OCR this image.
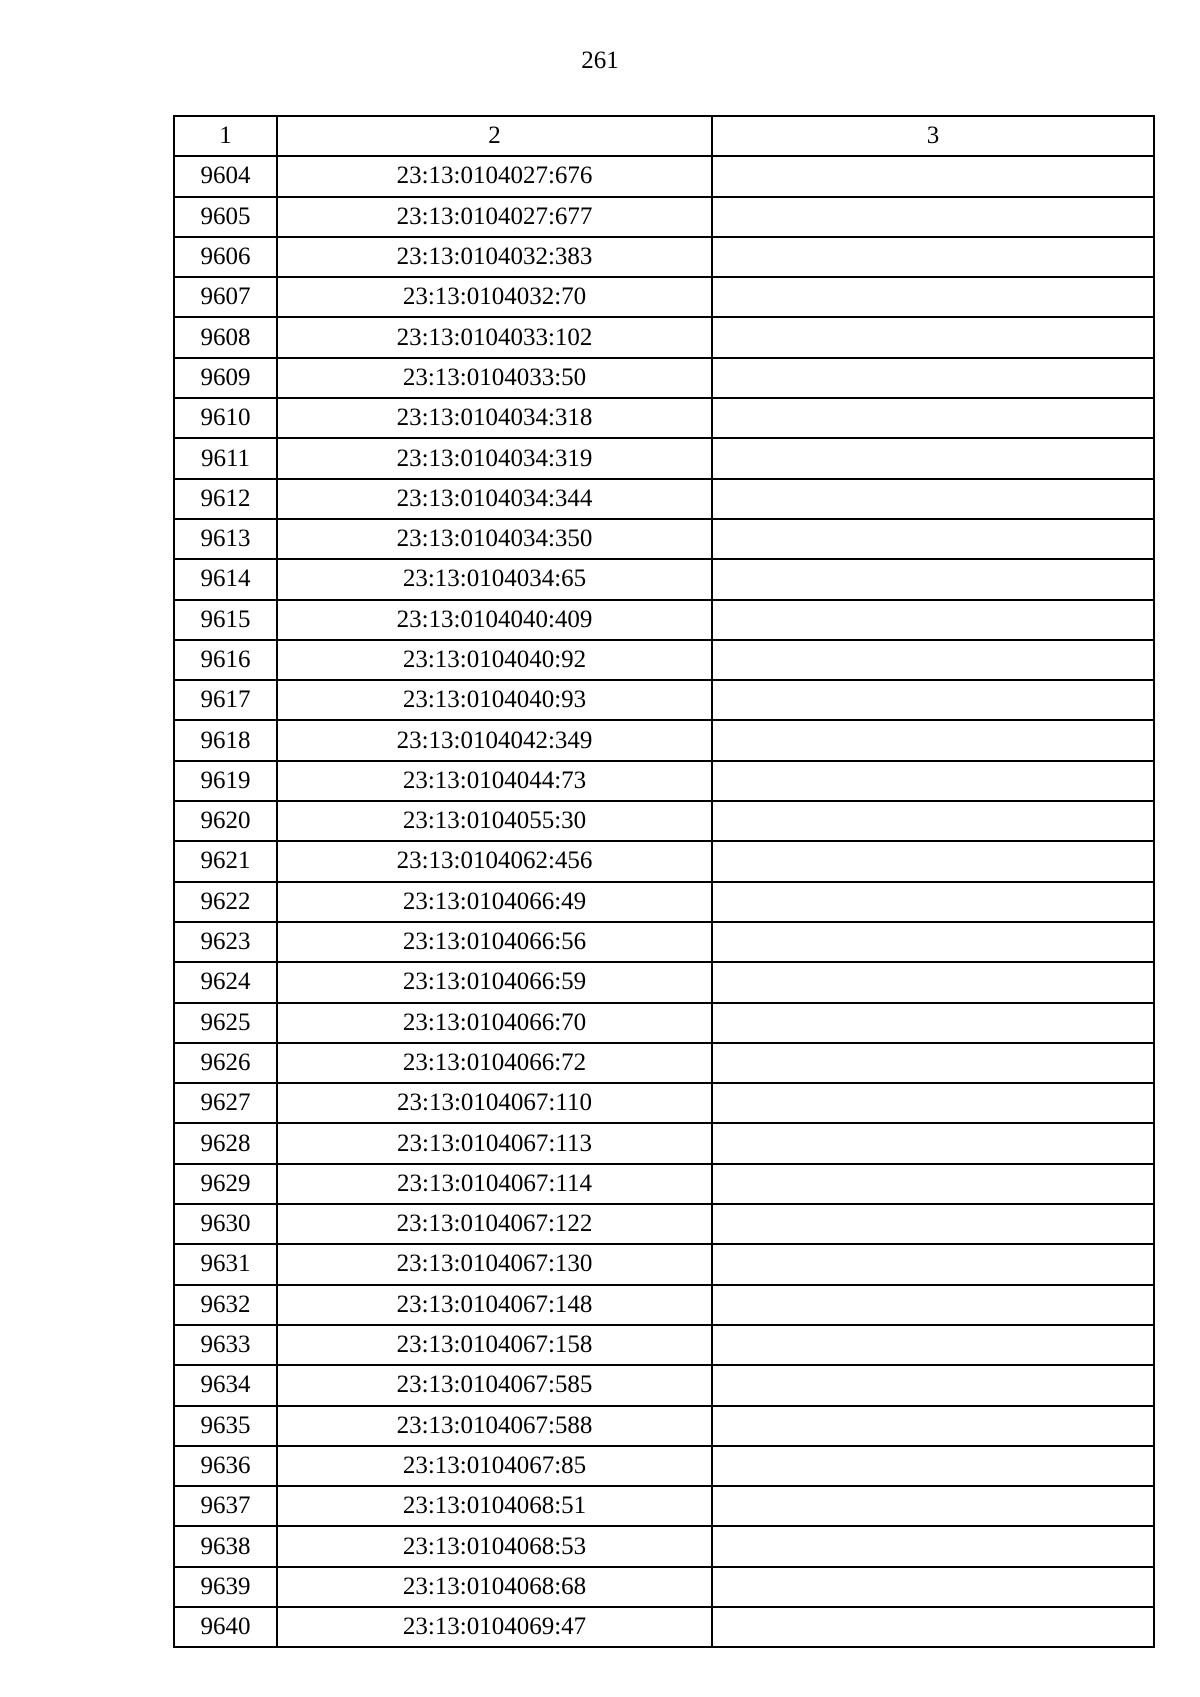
261
1	2	3
9604	23:13:0104027:676	
9605	23:13:0104027:677	
9606	23:13:0104032:383	
9607	23:13:0104032:70	
9608	23:13:0104033:102	
9609	23:13:0104033:50	
9610	23:13:0104034:318	
9611	23:13:0104034:319	
9612	23:13:0104034:344	
9613	23:13:0104034:350	
9614	23:13:0104034:65	
9615	23:13:0104040:409	
9616	23:13:0104040:92	
9617	23:13:0104040:93	
9618	23:13:0104042:349	
9619	23:13:0104044:73	
9620	23:13:0104055:30	
9621	23:13:0104062:456	
9622	23:13:0104066:49	
9623	23:13:0104066:56	
9624	23:13:0104066:59	
9625	23:13:0104066:70	
9626	23:13:0104066:72	
9627	23:13:0104067:110	
9628	23:13:0104067:113	
9629	23:13:0104067:114	
9630	23:13:0104067:122	
9631	23:13:0104067:130	
9632	23:13:0104067:148	
9633	23:13:0104067:158	
9634	23:13:0104067:585	
9635	23:13:0104067:588	
9636	23:13:0104067:85	
9637	23:13:0104068:51	
9638	23:13:0104068:53	
9639	23:13:0104068:68	
9640	23:13:0104069:47	
